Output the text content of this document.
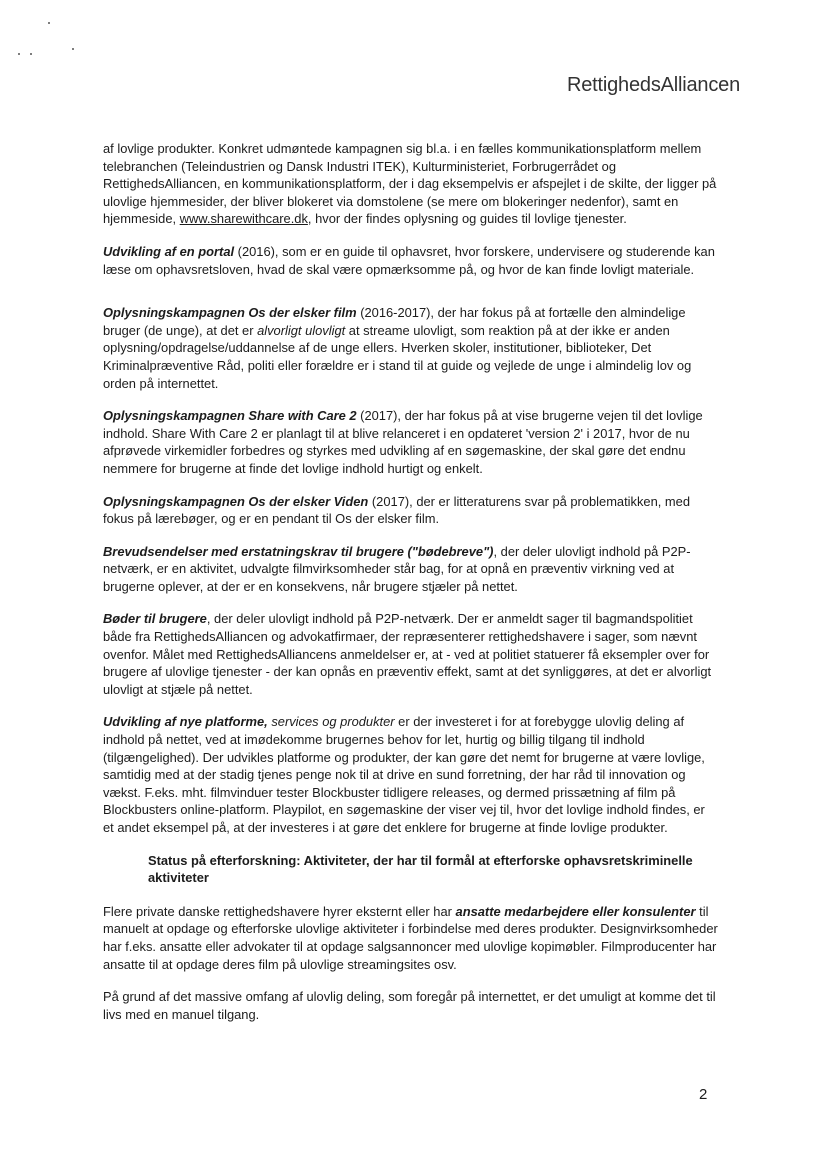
RettighedsAlliancen

af lovlige produkter. Konkret udmøntede kampagnen sig bl.a. i en fælles kommunikationsplatform mellem telebranchen (Teleindustrien og Dansk Industri ITEK), Kulturministeriet, Forbrugerrådet og RettighedsAlliancen, en kommunikationsplatform, der i dag eksempelvis er afspejlet i de skilte, der ligger på ulovlige hjemmesider, der bliver blokeret via domstolene (se mere om blokeringer nedenfor), samt en hjemmeside, www.sharewithcare.dk, hvor der findes oplysning og guides til lovlige tjenester.

Udvikling af en portal (2016), som er en guide til ophavsret, hvor forskere, undervisere og studerende kan læse om ophavsretsloven, hvad de skal være opmærksomme på, og hvor de kan finde lovligt materiale.

Oplysningskampagnen Os der elsker film (2016-2017), der har fokus på at fortælle den almindelige bruger (de unge), at det er alvorligt ulovligt at streame ulovligt, som reaktion på at der ikke er anden oplysning/opdragelse/uddannelse af de unge ellers. Hverken skoler, institutioner, biblioteker, Det Kriminalpræventive Råd, politi eller forældre er i stand til at guide og vejlede de unge i almindelig lov og orden på internettet.

Oplysningskampagnen Share with Care 2 (2017), der har fokus på at vise brugerne vejen til det lovlige indhold. Share With Care 2 er planlagt til at blive relanceret i en opdateret 'version 2' i 2017, hvor de nu afprøvede virkemidler forbedres og styrkes med udvikling af en søgemaskine, der skal gøre det endnu nemmere for brugerne at finde det lovlige indhold hurtigt og enkelt.

Oplysningskampagnen Os der elsker Viden (2017), der er litteraturens svar på problematikken, med fokus på lærebøger, og er en pendant til Os der elsker film.

Brevudsendelser med erstatningskrav til brugere ("bødebreve"), der deler ulovligt indhold på P2P-netværk, er en aktivitet, udvalgte filmvirksomheder står bag, for at opnå en præventiv virkning ved at brugerne oplever, at der er en konsekvens, når brugere stjæler på nettet.

Bøder til brugere, der deler ulovligt indhold på P2P-netværk. Der er anmeldt sager til bagmandspolitiet både fra RettighedsAlliancen og advokatfirmaer, der repræsenterer rettighedshavere i sager, som nævnt ovenfor. Målet med RettighedsAlliancens anmeldelser er, at - ved at politiet statuerer få eksempler over for brugere af ulovlige tjenester - der kan opnås en præventiv effekt, samt at det synliggøres, at det er alvorligt ulovligt at stjæle på nettet.

Udvikling af nye platforme, services og produkter er der investeret i for at forebygge ulovlig deling af indhold på nettet, ved at imødekomme brugernes behov for let, hurtig og billig tilgang til indhold (tilgængelighed). Der udvikles platforme og produkter, der kan gøre det nemt for brugerne at være lovlige, samtidig med at der stadig tjenes penge nok til at drive en sund forretning, der har råd til innovation og vækst. F.eks. mht. filmvinduer tester Blockbuster tidligere releases, og dermed prissætning af film på Blockbusters online-platform. Playpilot, en søgemaskine der viser vej til, hvor det lovlige indhold findes, er et andet eksempel på, at der investeres i at gøre det enklere for brugerne at finde lovlige produkter.

Status på efterforskning: Aktiviteter, der har til formål at efterforske ophavsretskriminelle aktiviteter

Flere private danske rettighedshavere hyrer eksternt eller har ansatte medarbejdere eller konsulenter til manuelt at opdage og efterforske ulovlige aktiviteter i forbindelse med deres produkter. Designvirksomheder har f.eks. ansatte eller advokater til at opdage salgsannoncer med ulovlige kopimøbler. Filmproducenter har ansatte til at opdage deres film på ulovlige streamingsites osv.

På grund af det massive omfang af ulovlig deling, som foregår på internettet, er det umuligt at komme det til livs med en manuel tilgang.

2
